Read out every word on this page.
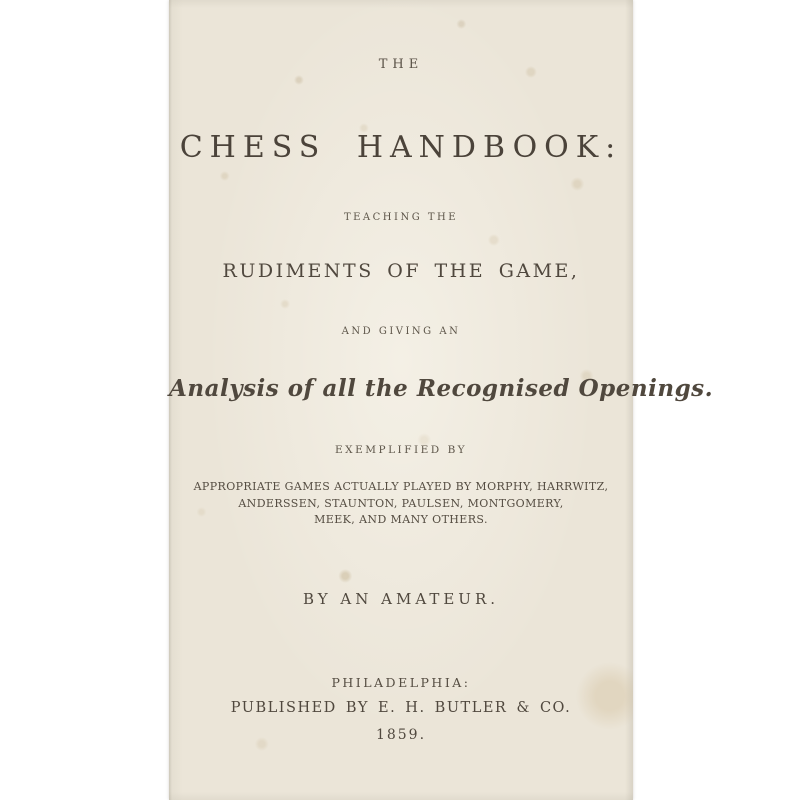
THE
CHESS HANDBOOK:
TEACHING THE
RUDIMENTS OF THE GAME,
AND GIVING AN
Analysis of all the Recognised Openings.
EXEMPLIFIED BY
APPROPRIATE GAMES ACTUALLY PLAYED BY MORPHY, HARRWITZ,
ANDERSSEN, STAUNTON, PAULSEN, MONTGOMERY,
MEEK, AND MANY OTHERS.
BY AN AMATEUR.
PHILADELPHIA:
PUBLISHED BY E. H. BUTLER & CO.
1859.
